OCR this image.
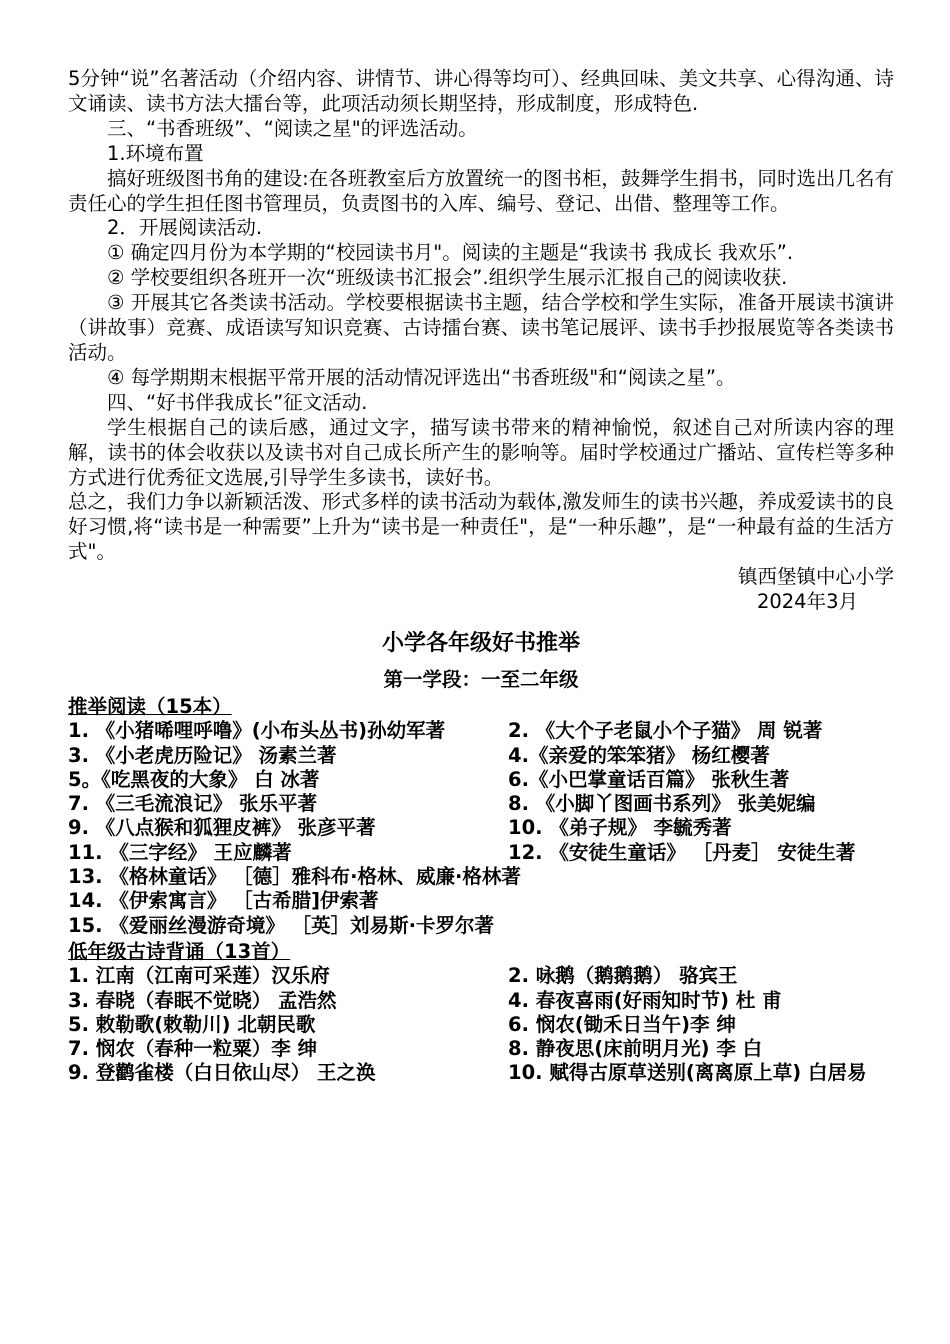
5分钟“说”名著活动（介绍内容、讲情节、讲心得等均可）、经典回味、美文共享、心得沟通、诗文诵读、读书方法大擂台等，此项活动须长期坚持，形成制度，形成特色.

三、“书香班级”、“阅读之星"的评选活动。

1.环境布置

搞好班级图书角的建设:在各班教室后方放置统一的图书柜，鼓舞学生捐书，同时选出几名有责任心的学生担任图书管理员，负责图书的入库、编号、登记、出借、整理等工作。

2．开展阅读活动.

① 确定四月份为本学期的“校园读书月"。阅读的主题是“我读书 我成长 我欢乐”.

② 学校要组织各班开一次“班级读书汇报会”.组织学生展示汇报自己的阅读收获.

③ 开展其它各类读书活动。学校要根据读书主题，结合学校和学生实际，准备开展读书演讲（讲故事）竞赛、成语读写知识竞赛、古诗擂台赛、读书笔记展评、读书手抄报展览等各类读书活动。

④ 每学期期末根据平常开展的活动情况评选出“书香班级"和“阅读之星”。

四、“好书伴我成长”征文活动.

学生根据自己的读后感，通过文字，描写读书带来的精神愉悦，叙述自己对所读内容的理解，读书的体会收获以及读书对自己成长所产生的影响等。届时学校通过广播站、宣传栏等多种方式进行优秀征文选展,引导学生多读书，读好书。

总之，我们力争以新颖活泼、形式多样的读书活动为载体,激发师生的读书兴趣，养成爱读书的良好习惯,将“读书是一种需要”上升为“读书是一种责任"，是“一种乐趣”，是“一种最有益的生活方式"。

镇西堡镇中心小学

2024年3月

小学各年级好书推举
第一学段：一至二年级
推举阅读（15本）
1. 《小猪唏哩呼噜》(小布头丛书)孙幼军著	2. 《大个子老鼠小个子猫》 周 锐著
3. 《小老虎历险记》 汤素兰著	4.《亲爱的笨笨猪》 杨红樱著
5。《吃黑夜的大象》 白 冰著	6.《小巴掌童话百篇》 张秋生著
7. 《三毛流浪记》 张乐平著	8. 《小脚丫图画书系列》 张美妮编
9. 《八点猴和狐狸皮裤》 张彦平著	10. 《弟子规》 李毓秀著
11. 《三字经》 王应麟著	12. 《安徒生童话》 ［丹麦］ 安徒生著
13. 《格林童话》 ［德］雅科布·格林、威廉·格林著
14. 《伊索寓言》 ［古希腊]伊索著
15. 《爱丽丝漫游奇境》 ［英］刘易斯·卡罗尔著
低年级古诗背诵（13首）
1. 江南（江南可采莲）汉乐府	2. 咏鹅（鹅鹅鹅） 骆宾王
3. 春晓（春眠不觉晓） 孟浩然	4. 春夜喜雨(好雨知时节) 杜 甫
5. 敕勒歌(敕勒川) 北朝民歌	6. 悯农(锄禾日当午)李 绅
7. 悯农（春种一粒粟）李 绅	8. 静夜思(床前明月光) 李 白
9. 登鹳雀楼（白日依山尽） 王之涣	10. 赋得古原草送别(离离原上草) 白居易
